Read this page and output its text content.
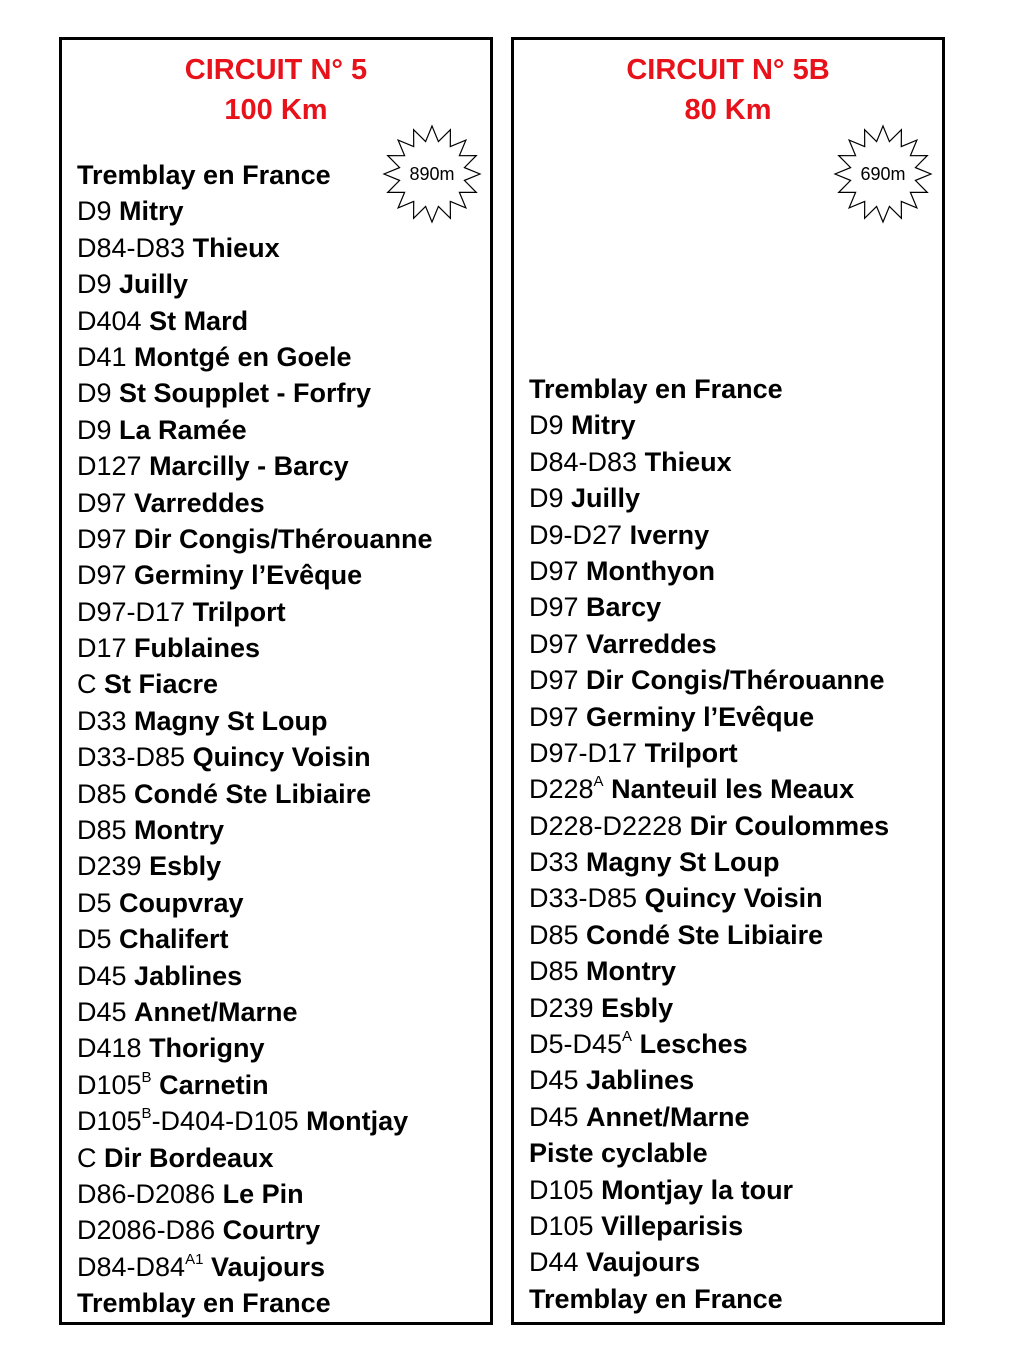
CIRCUIT N° 5
100 Km
890m
Tremblay en France
D9 Mitry
D84-D83 Thieux
D9 Juilly
D404 St Mard
D41 Montgé en Goele
D9 St Soupplet - Forfry
D9 La Ramée
D127 Marcilly - Barcy
D97 Varreddes
D97 Dir Congis/Thérouanne
D97 Germiny l’Evêque
D97-D17 Trilport
D17 Fublaines
C St Fiacre
D33 Magny St Loup
D33-D85 Quincy Voisin
D85 Condé Ste Libiaire
D85 Montry
D239 Esbly
D5 Coupvray
D5 Chalifert
D45 Jablines
D45 Annet/Marne
D418 Thorigny
$D105^B$ Carnetin
$D105^B-D404-D105$ Montjay
C Dir Bordeaux
D86-D2086 Le Pin
D2086-D86 Courtry
$D84-D84^{A1}$ Vaujours
Tremblay en France
CIRCUIT N° 5B
80 Km
690m
Tremblay en France
D9 Mitry
D84-D83 Thieux
D9 Juilly
D9-D27 Iverny
D97 Monthyon
D97 Barcy
D97 Varreddes
D97 Dir Congis/Thérouanne
D97 Germiny l’Evêque
D97-D17 Trilport
$D228^A$ Nanteuil les Meaux
D228-D2228 Dir Coulommes
D33 Magny St Loup
D33-D85 Quincy Voisin
D85 Condé Ste Libiaire
D85 Montry
D239 Esbly
$D5-D45^A$ Lesches
D45 Jablines
D45 Annet/Marne
Piste cyclable
D105 Montjay la tour
D105 Villeparisis
D44 Vaujours
Tremblay en France
